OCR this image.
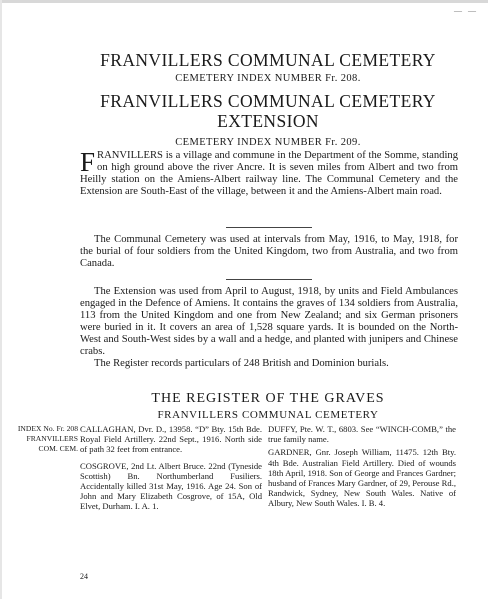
— —
FRANVILLERS COMMUNAL CEMETERY
CEMETERY INDEX NUMBER Fr. 208.
FRANVILLERS COMMUNAL CEMETERY
EXTENSION
CEMETERY INDEX NUMBER Fr. 209.

FRANVILLERS is a village and commune in the Department of the Somme, standing on high ground above the river Ancre. It is seven miles from Albert and two from Heilly station on the Amiens-Albert railway line. The Communal Cemetery and the Extension are South-East of the village, between it and the Amiens-Albert main road.

The Communal Cemetery was used at intervals from May, 1916, to May, 1918, for the burial of four soldiers from the United Kingdom, two from Australia, and two from Canada.

The Extension was used from April to August, 1918, by units and Field Ambulances engaged in the Defence of Amiens. It contains the graves of 134 soldiers from Australia, 113 from the United Kingdom and one from New Zealand; and six German prisoners were buried in it. It covers an area of 1,528 square yards. It is bounded on the North-West and South-West sides by a wall and a hedge, and planted with junipers and Chinese crabs.

The Register records particulars of 248 British and Dominion burials.

THE REGISTER OF THE GRAVES
FRANVILLERS COMMUNAL CEMETERY
INDEX No. Fr. 208
FRANVILLERS
COM. CEM.

CALLAGHAN, Dvr. D., 13958. “D” Bty. 15th Bde. Royal Field Artillery. 22nd Sept., 1916. North side of path 32 feet from entrance.

COSGROVE, 2nd Lt. Albert Bruce. 22nd (Tyneside Scottish) Bn. Northumberland Fusiliers. Accidentally killed 31st May, 1916. Age 24. Son of John and Mary Elizabeth Cosgrove, of 15A, Old Elvet, Durham. I. A. 1.

DUFFY, Pte. W. T., 6803. See “WINCH-COMB,” the true family name.

GARDNER, Gnr. Joseph William, 11475. 12th Bty. 4th Bde. Australian Field Artillery. Died of wounds 18th April, 1918. Son of George and Frances Gardner; husband of Frances Mary Gardner, of 29, Perouse Rd., Randwick, Sydney, New South Wales. Native of Albury, New South Wales. I. B. 4.

24
